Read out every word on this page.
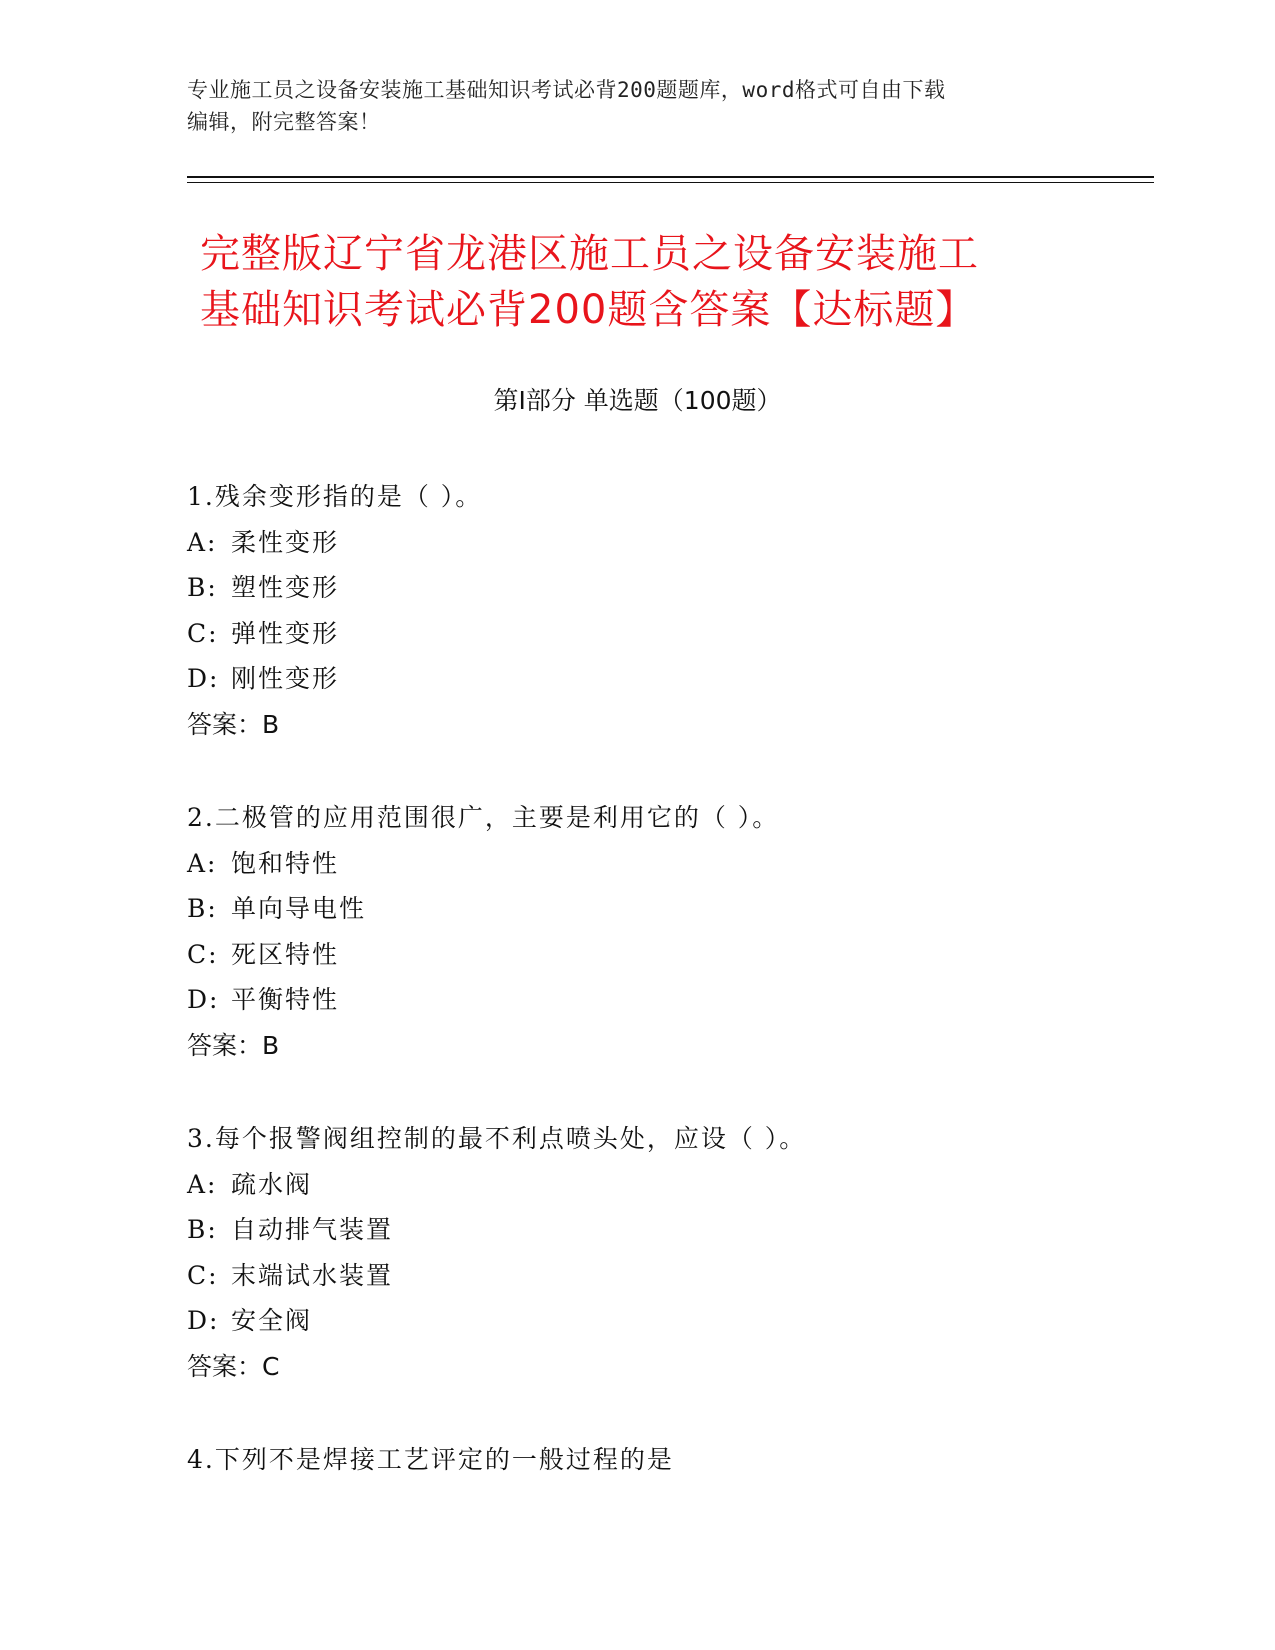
专业施工员之设备安装施工基础知识考试必背200题题库，word格式可自由下载
编辑，附完整答案！
完整版辽宁省龙港区施工员之设备安装施工
基础知识考试必背200题含答案【达标题】
第Ⅰ部分 单选题（100题）
1.残余变形指的是（ ）。
A: 柔性变形
B: 塑性变形
C: 弹性变形
D: 刚性变形
答案：B
2.二极管的应用范围很广，主要是利用它的（ ）。
A: 饱和特性
B: 单向导电性
C: 死区特性
D: 平衡特性
答案：B
3.每个报警阀组控制的最不利点喷头处，应设（ ）。
A: 疏水阀
B: 自动排气装置
C: 末端试水装置
D: 安全阀
答案：C
4.下列不是焊接工艺评定的一般过程的是
